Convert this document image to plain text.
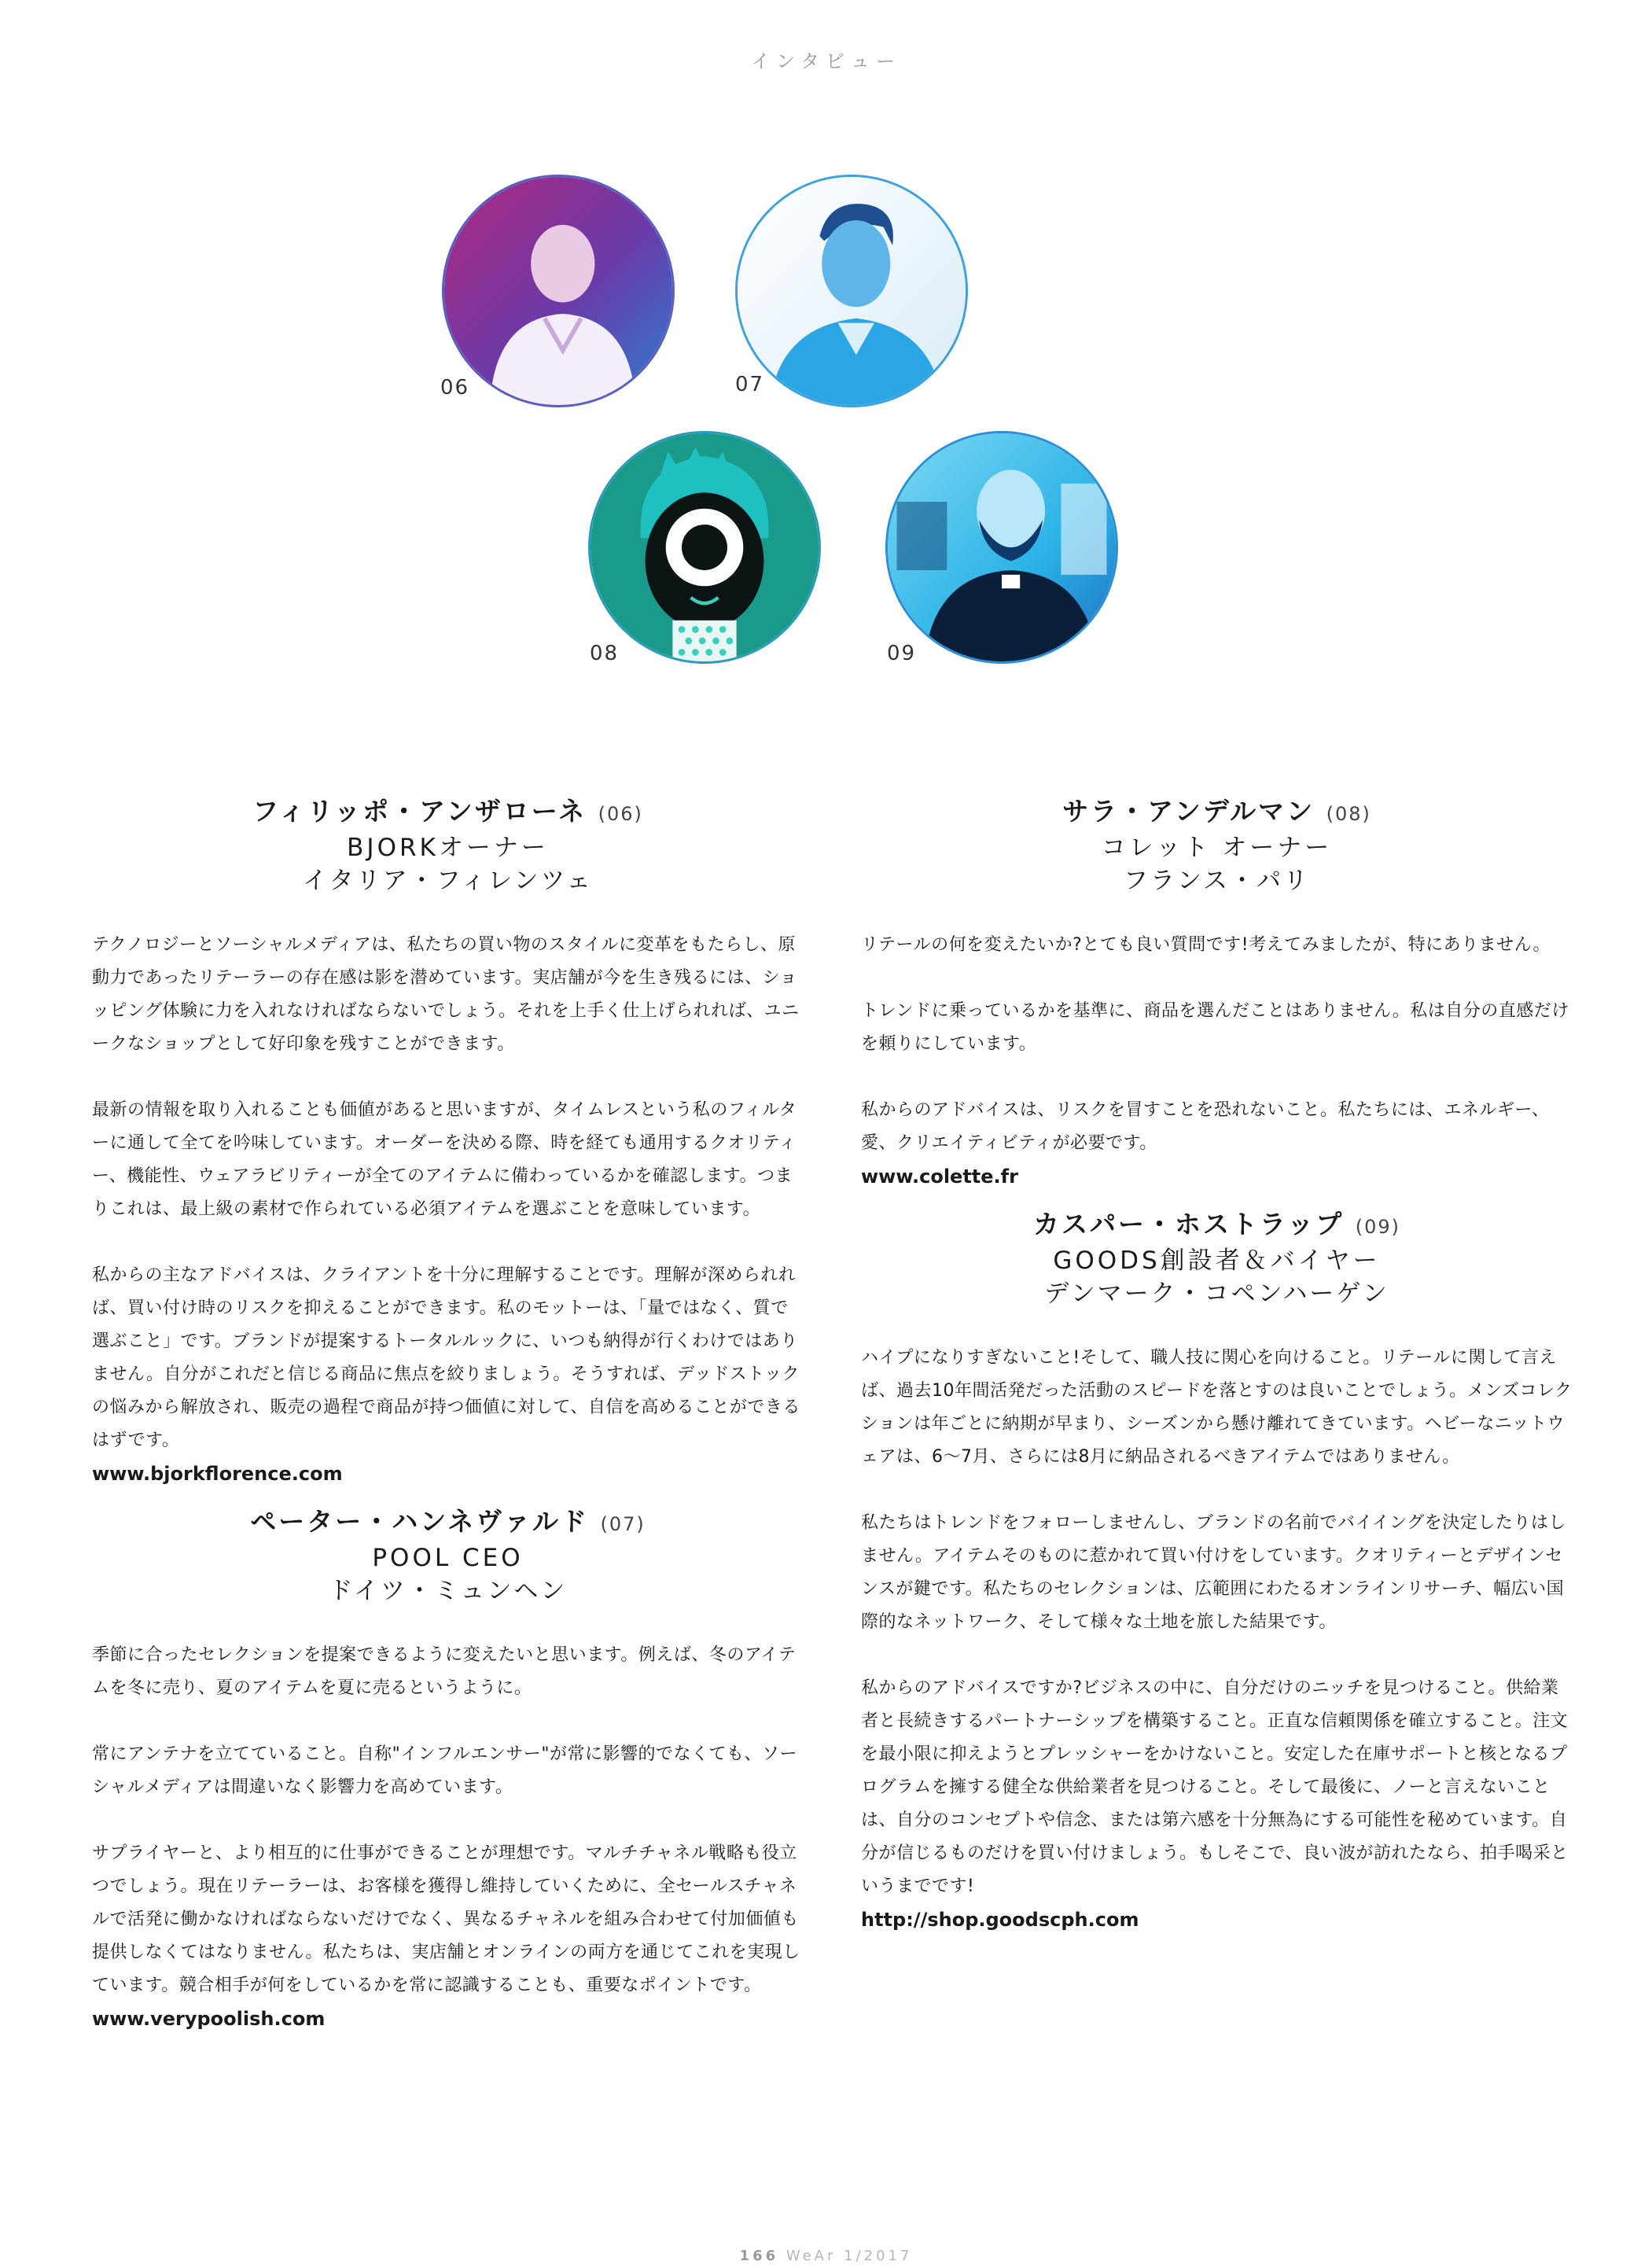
インタビュー
06	07
08	09
フィリッポ・アンザローネ (06)
BJORKオーナー
イタリア・フィレンツェ

テクノロジーとソーシャルメディアは、私たちの買い物のスタイルに変革をもたらし、原動力であったリテーラーの存在感は影を潜めています。実店舗が今を生き残るには、ショッピング体験に力を入れなければならないでしょう。それを上手く仕上げられれば、ユニークなショップとして好印象を残すことができます。

最新の情報を取り入れることも価値があると思いますが、タイムレスという私のフィルターに通して全てを吟味しています。オーダーを決める際、時を経ても通用するクオリティー、機能性、ウェアラビリティーが全てのアイテムに備わっているかを確認します。つまりこれは、最上級の素材で作られている必須アイテムを選ぶことを意味しています。

私からの主なアドバイスは、クライアントを十分に理解することです。理解が深められれば、買い付け時のリスクを抑えることができます。私のモットーは、「量ではなく、質で選ぶこと」です。ブランドが提案するトータルルックに、いつも納得が行くわけではありません。自分がこれだと信じる商品に焦点を絞りましょう。そうすれば、デッドストックの悩みから解放され、販売の過程で商品が持つ価値に対して、自信を高めることができるはずです。

www.bjorkflorence.com
ペーター・ハンネヴァルド (07)
POOL CEO
ドイツ・ミュンヘン

季節に合ったセレクションを提案できるように変えたいと思います。例えば、冬のアイテムを冬に売り、夏のアイテムを夏に売るというように。

常にアンテナを立てていること。自称"インフルエンサー"が常に影響的でなくても、ソーシャルメディアは間違いなく影響力を高めています。

サプライヤーと、より相互的に仕事ができることが理想です。マルチチャネル戦略も役立つでしょう。現在リテーラーは、お客様を獲得し維持していくために、全セールスチャネルで活発に働かなければならないだけでなく、異なるチャネルを組み合わせて付加価値も提供しなくてはなりません。私たちは、実店舗とオンラインの両方を通じてこれを実現しています。競合相手が何をしているかを常に認識することも、重要なポイントです。

www.verypoolish.com
サラ・アンデルマン (08)
コレット オーナー
フランス・パリ

リテールの何を変えたいか?とても良い質問です!考えてみましたが、特にありません。

トレンドに乗っているかを基準に、商品を選んだことはありません。私は自分の直感だけを頼りにしています。

私からのアドバイスは、リスクを冒すことを恐れないこと。私たちには、エネルギー、愛、クリエイティビティが必要です。

www.colette.fr
カスパー・ホストラップ (09)
GOODS創設者＆バイヤー
デンマーク・コペンハーゲン

ハイプになりすぎないこと!そして、職人技に関心を向けること。リテールに関して言えば、過去10年間活発だった活動のスピードを落とすのは良いことでしょう。メンズコレクションは年ごとに納期が早まり、シーズンから懸け離れてきています。ヘビーなニットウェアは、6〜7月、さらには8月に納品されるべきアイテムではありません。

私たちはトレンドをフォローしませんし、ブランドの名前でバイイングを決定したりはしません。アイテムそのものに惹かれて買い付けをしています。クオリティーとデザインセンスが鍵です。私たちのセレクションは、広範囲にわたるオンラインリサーチ、幅広い国際的なネットワーク、そして様々な土地を旅した結果です。

私からのアドバイスですか?ビジネスの中に、自分だけのニッチを見つけること。供給業者と長続きするパートナーシップを構築すること。正直な信頼関係を確立すること。注文を最小限に抑えようとプレッシャーをかけないこと。安定した在庫サポートと核となるプログラムを擁する健全な供給業者を見つけること。そして最後に、ノーと言えないことは、自分のコンセプトや信念、または第六感を十分無為にする可能性を秘めています。自分が信じるものだけを買い付けましょう。もしそこで、良い波が訪れたなら、拍手喝采というまでです!

http://shop.goodscph.com
166 WeAr 1/2017
